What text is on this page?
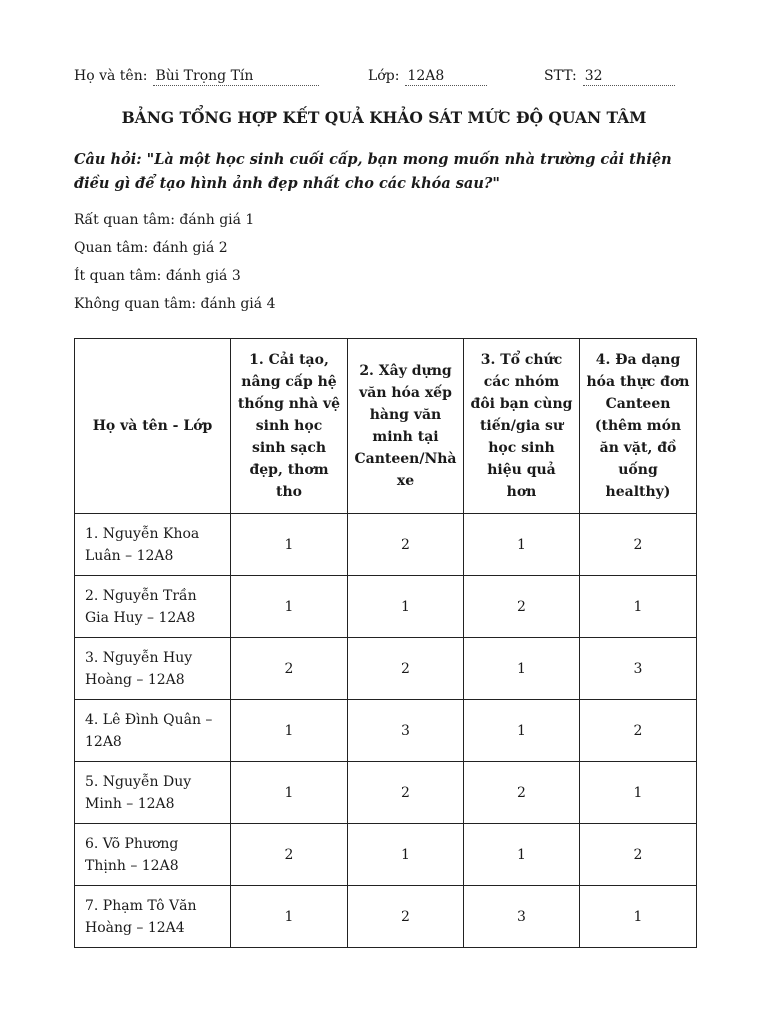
Họ và tên: Bùi Trọng Tín	Lớp: 12A8	STT: 32
BẢNG TỔNG HỢP KẾT QUẢ KHẢO SÁT MỨC ĐỘ QUAN TÂM
Câu hỏi: "Là một học sinh cuối cấp, bạn mong muốn nhà trường cải thiện điều gì để tạo hình ảnh đẹp nhất cho các khóa sau?"
Rất quan tâm: đánh giá 1
Quan tâm: đánh giá 2
Ít quan tâm: đánh giá 3
Không quan tâm: đánh giá 4
Họ và tên - Lớp	1. Cải tạo, nâng cấp hệ thống nhà vệ sinh học sinh sạch đẹp, thơm tho	2. Xây dựng văn hóa xếp hàng văn minh tại Canteen/Nhà xe	3. Tổ chức các nhóm đôi bạn cùng tiến/gia sư học sinh hiệu quả hơn	4. Đa dạng hóa thực đơn Canteen (thêm món ăn vặt, đồ uống healthy)
1. Nguyễn Khoa Luân – 12A8	1	2	1	2
2. Nguyễn Trần Gia Huy – 12A8	1	1	2	1
3. Nguyễn Huy Hoàng – 12A8	2	2	1	3
4. Lê Đình Quân – 12A8	1	3	1	2
5. Nguyễn Duy Minh – 12A8	1	2	2	1
6. Võ Phương Thịnh – 12A8	2	1	1	2
7. Phạm Tô Văn Hoàng – 12A4	1	2	3	1
